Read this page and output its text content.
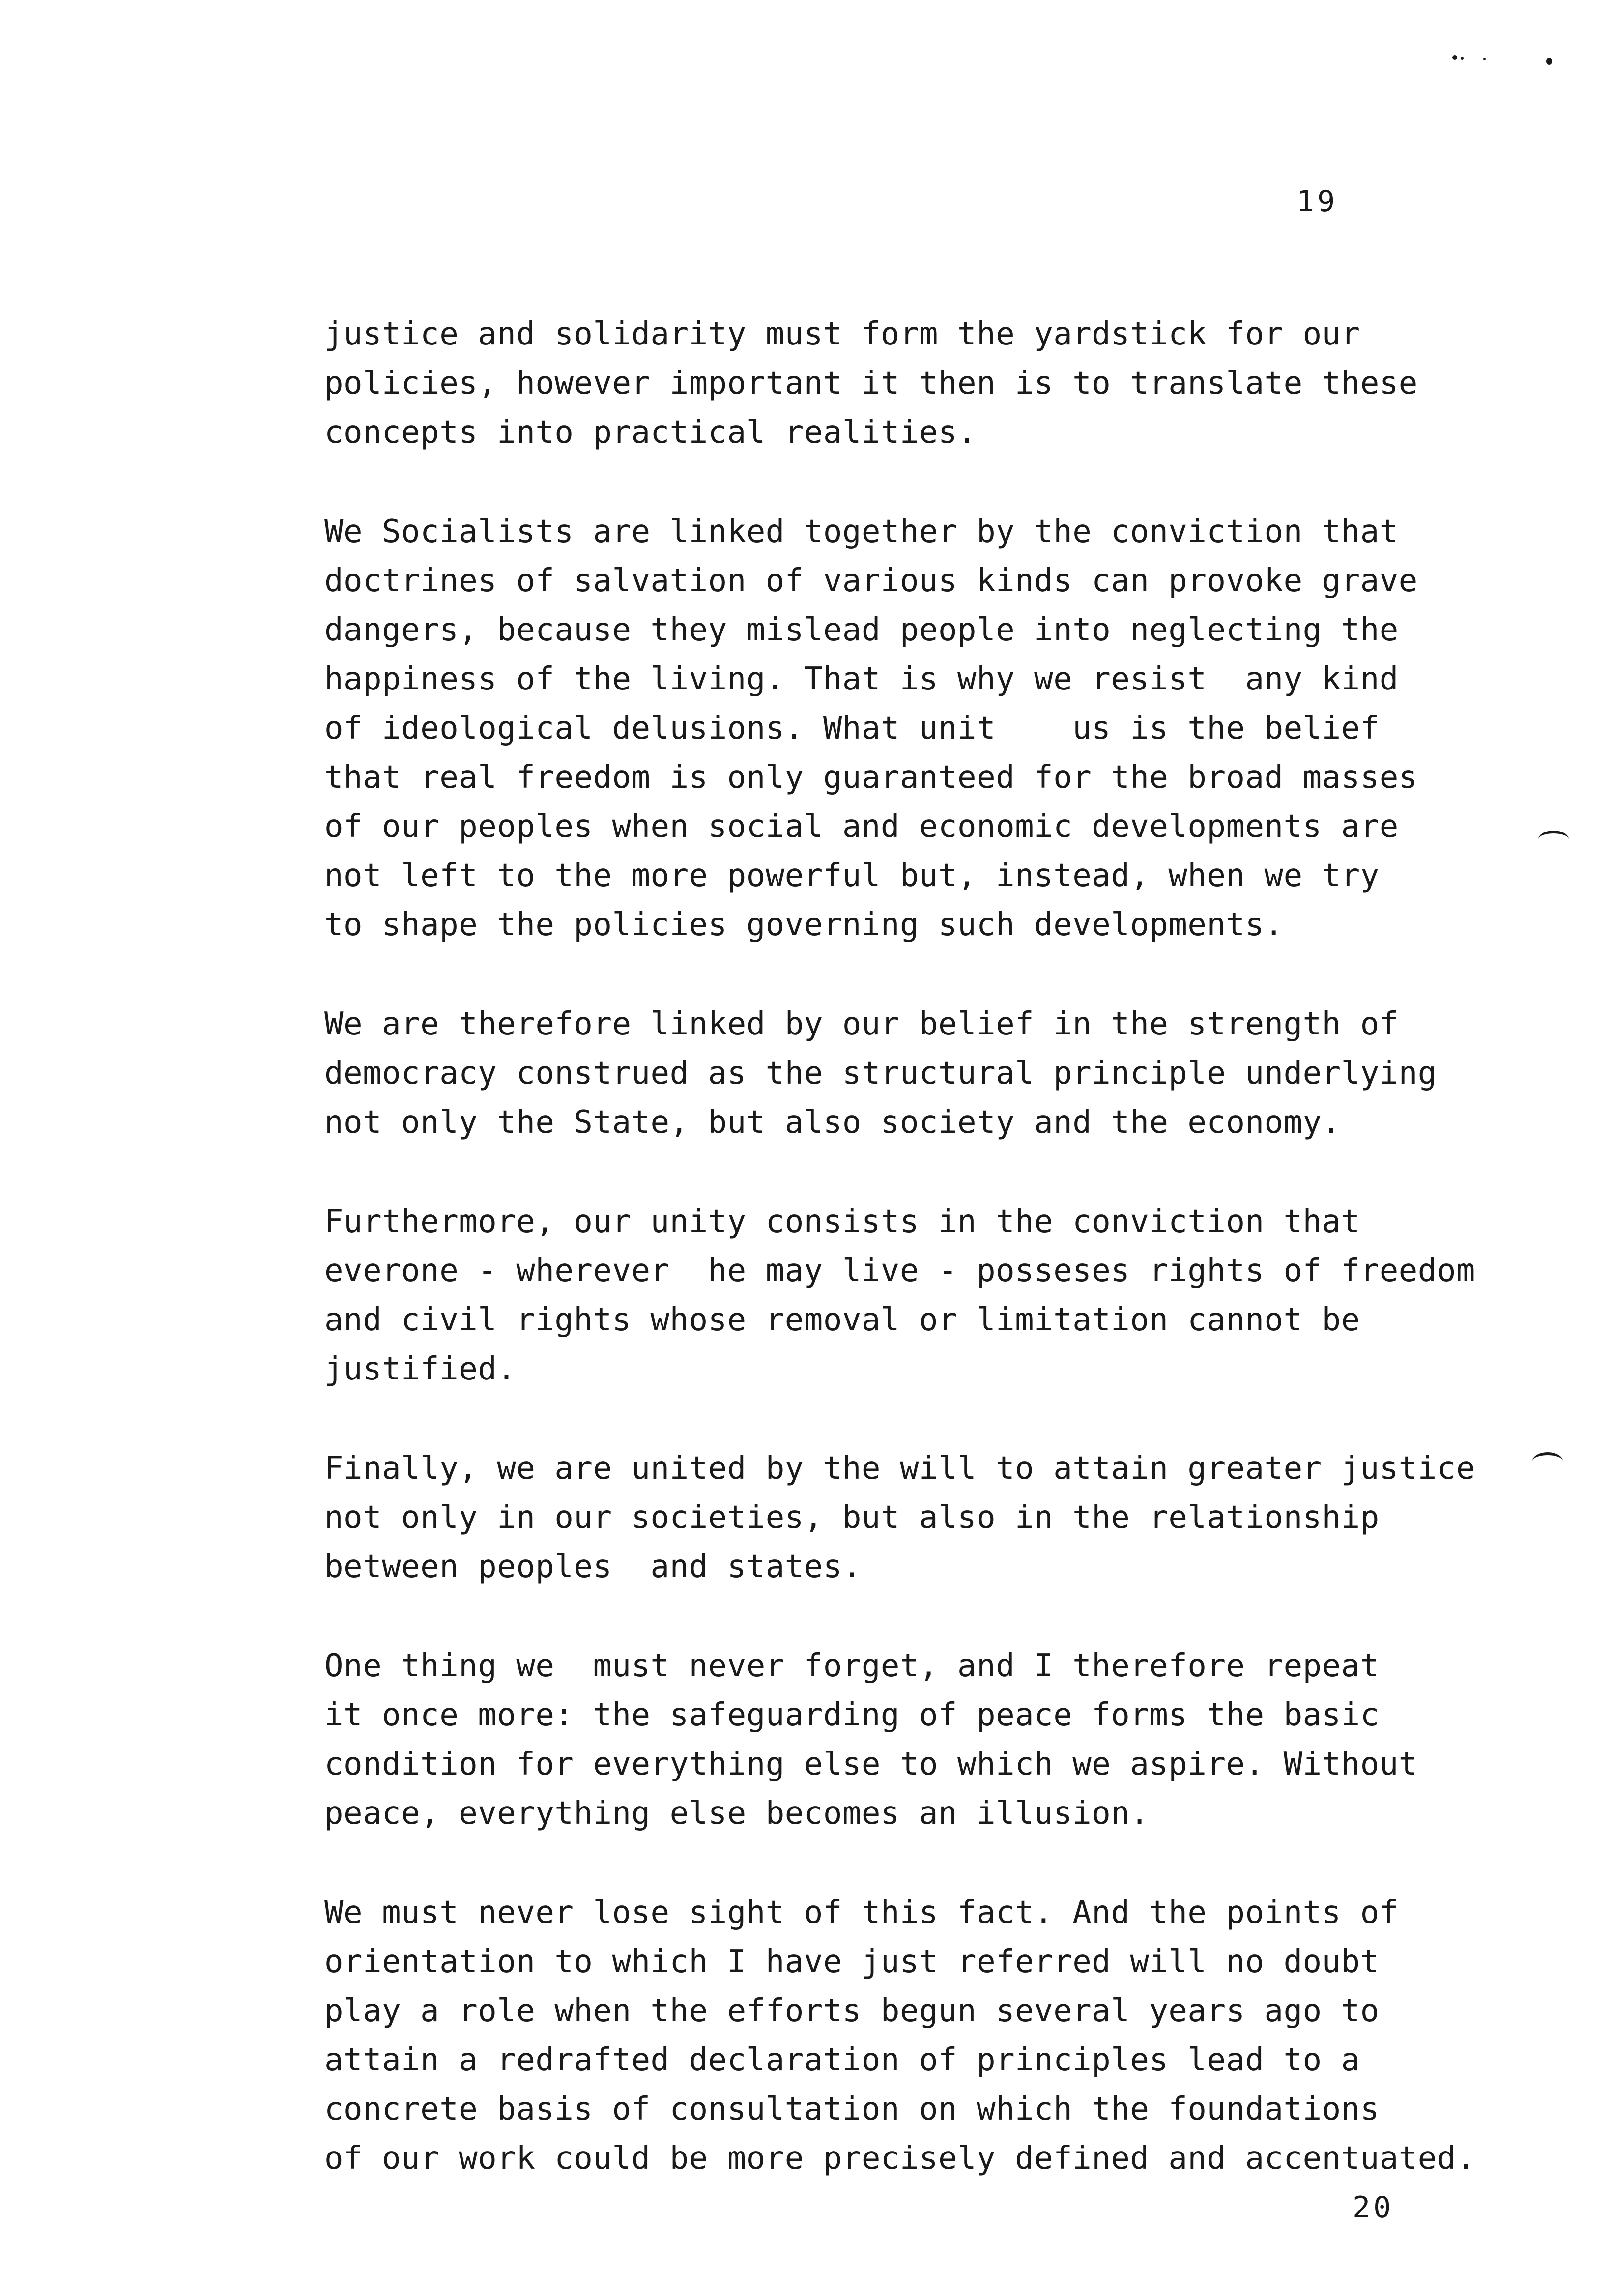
19

justice and solidarity must form the yardstick for our
policies, however important it then is to translate these
concepts into practical realities.

We Socialists are linked together by the conviction that
doctrines of salvation of various kinds can provoke grave
dangers, because they mislead people into neglecting the
happiness of the living. That is why we resist  any kind
of ideological delusions. What unit    us is the belief
that real freedom is only guaranteed for the broad masses
of our peoples when social and economic developments are
not left to the more powerful but, instead, when we try
to shape the policies governing such developments.

We are therefore linked by our belief in the strength of
democracy construed as the structural principle underlying
not only the State, but also society and the economy.

Furthermore, our unity consists in the conviction that
everone - wherever  he may live - posseses rights of freedom
and civil rights whose removal or limitation cannot be
justified.

Finally, we are united by the will to attain greater justice
not only in our societies, but also in the relationship
between peoples  and states.

One thing we  must never forget, and I therefore repeat
it once more: the safeguarding of peace forms the basic
condition for everything else to which we aspire. Without
peace, everything else becomes an illusion.

We must never lose sight of this fact. And the points of
orientation to which I have just referred will no doubt
play a role when the efforts begun several years ago to
attain a redrafted declaration of principles lead to a
concrete basis of consultation on which the foundations
of our work could be more precisely defined and accentuated.

20
